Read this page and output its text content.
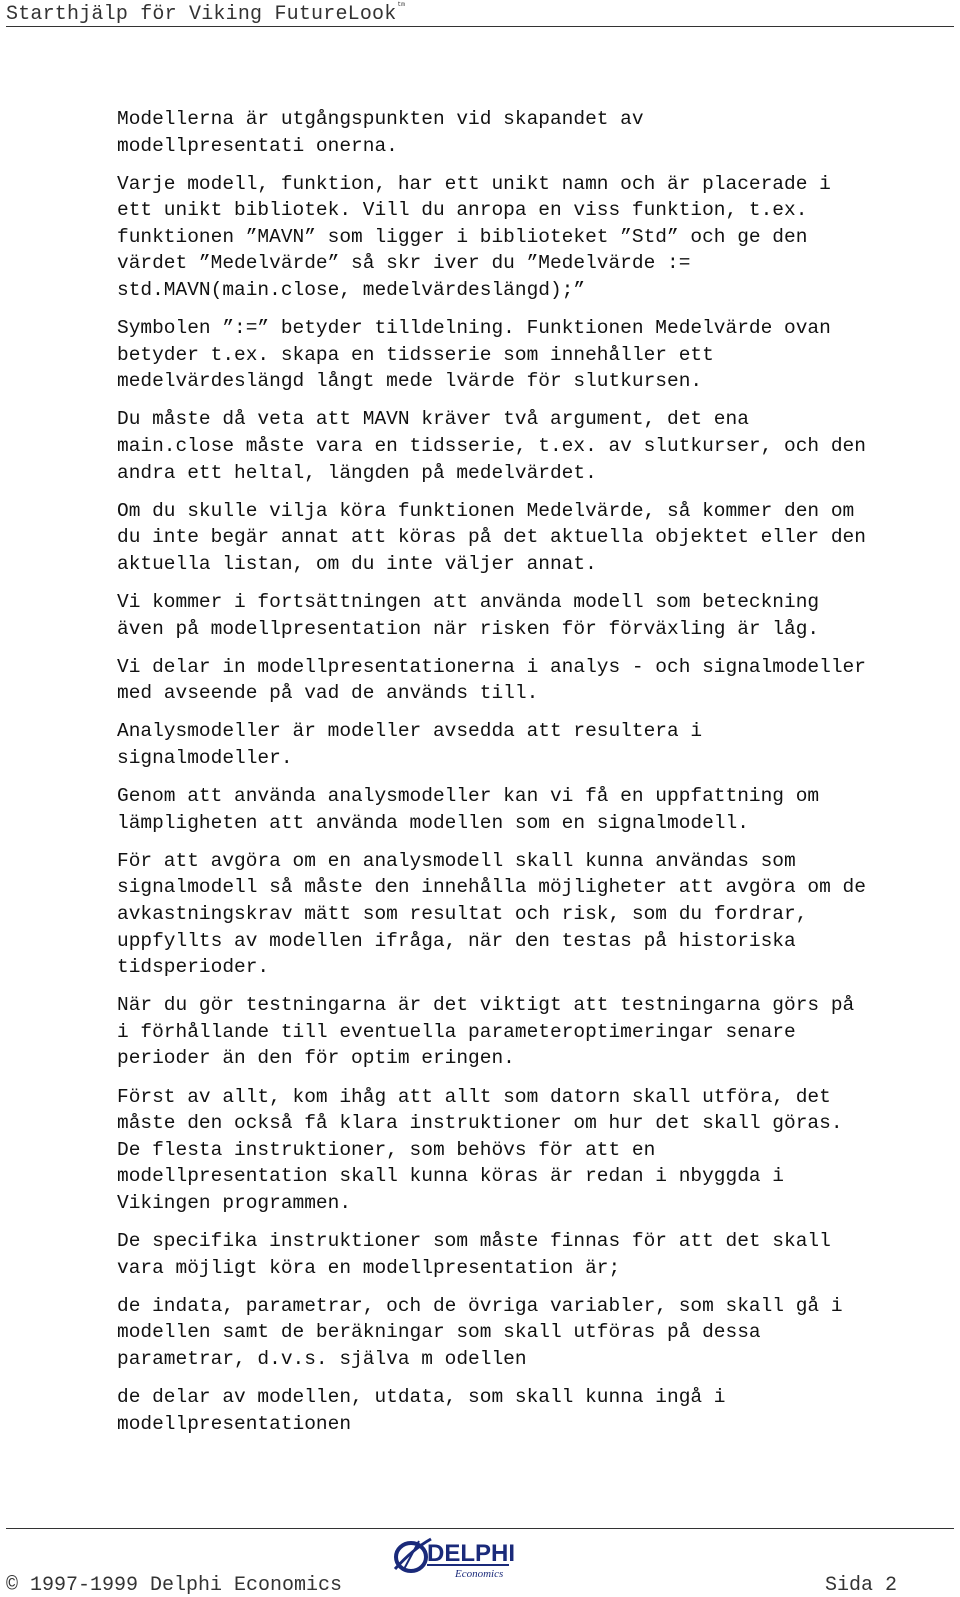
Starthjälp för Viking FutureLook$^{tm}$
Modellerna är utgångspunkten vid skapandet av
modellpresentati onerna.
Varje modell, funktion, har ett unikt namn och är placerade i
ett unikt bibliotek. Vill du anropa en viss funktion, t.ex.
funktionen ”MAVN” som ligger i biblioteket ”Std” och ge den
värdet ”Medelvärde” så skr iver du ”Medelvärde :=
std.MAVN(main.close, medelvärdeslängd);”
Symbolen ”:=” betyder tilldelning. Funktionen Medelvärde ovan
betyder t.ex. skapa en tidsserie som innehåller ett
medelvärdeslängd långt mede lvärde för slutkursen.
Du måste då veta att MAVN kräver två argument, det ena
main.close måste vara en tidsserie, t.ex. av slutkurser, och den
andra ett heltal, längden på medelvärdet.
Om du skulle vilja köra funktionen Medelvärde, så kommer den om
du inte begär annat att köras på det aktuella objektet eller den
aktuella listan, om du inte väljer annat.
Vi kommer i fortsättningen att använda modell som beteckning
även på modellpresentation när risken för förväxling är låg.
Vi delar in modellpresentationerna i analys - och signalmodeller
med avseende på vad de används till.
Analysmodeller är modeller avsedda att resultera i
signalmodeller.
Genom att använda analysmodeller kan vi få en uppfattning om
lämpligheten att använda modellen som en signalmodell.
För att avgöra om en analysmodell skall kunna användas som
signalmodell så måste den innehålla möjligheter att avgöra om de
avkastningskrav mätt som resultat och risk, som du fordrar,
uppfyllts av modellen ifråga, när den testas på historiska
tidsperioder.
När du gör testningarna är det viktigt att testningarna görs på
i förhållande till eventuella parameteroptimeringar senare
perioder än den för optim eringen.
Först av allt, kom ihåg att allt som datorn skall utföra, det
måste den också få klara instruktioner om hur det skall göras.
De flesta instruktioner, som behövs för att en
modellpresentation skall kunna köras är redan i nbyggda i
Vikingen programmen.
De specifika instruktioner som måste finnas för att det skall
vara möjligt köra en modellpresentation är;
de indata, parametrar, och de övriga variabler, som skall gå i
modellen samt de beräkningar som skall utföras på dessa
parametrar, d.v.s. själva m odellen
de delar av modellen, utdata, som skall kunna ingå i
modellpresentationen
DELPHI
Economics
© 1997-1999 Delphi Economics	Sida 2
